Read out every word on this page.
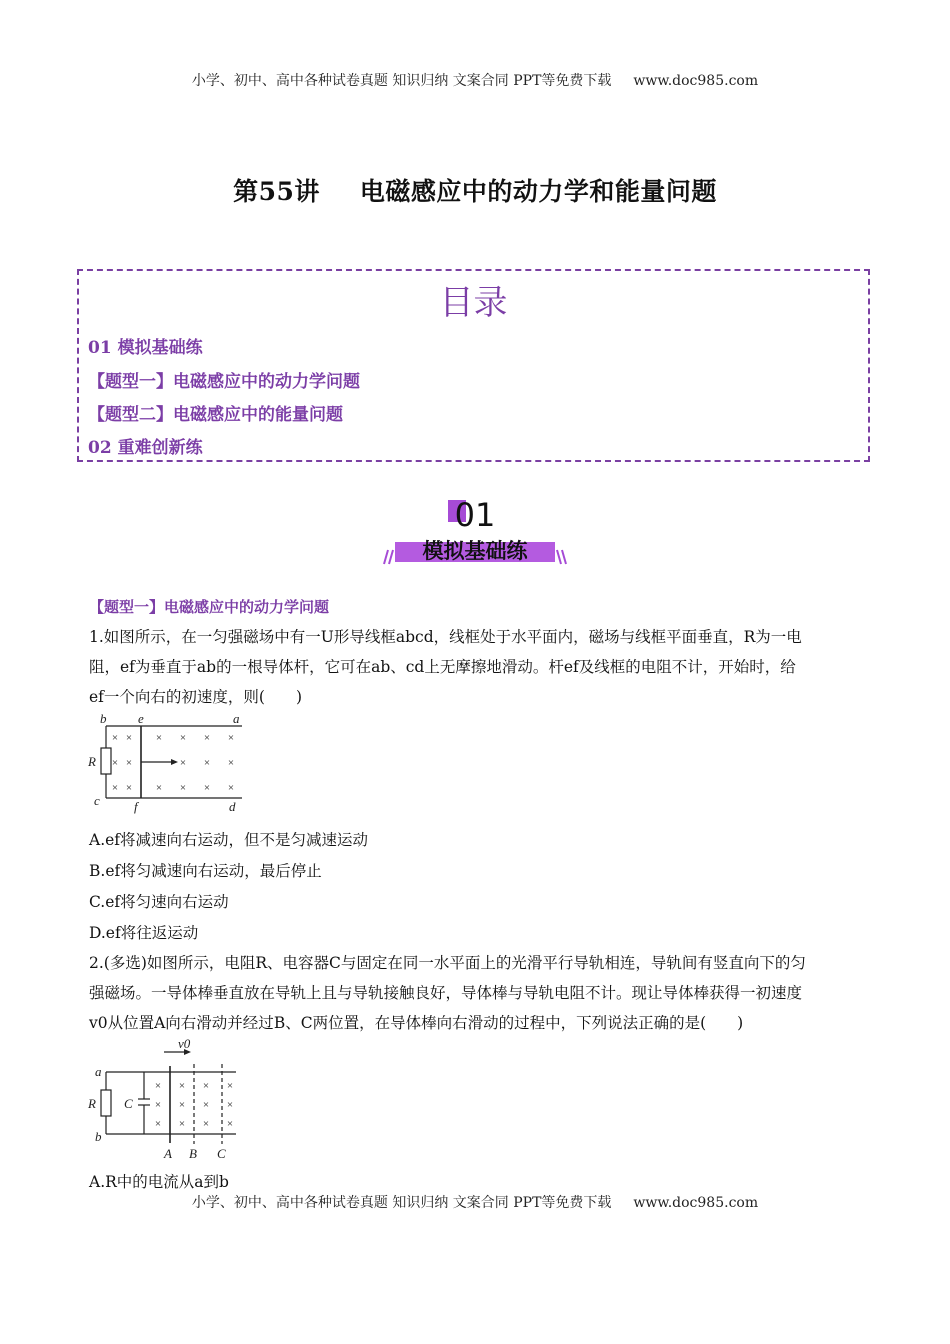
小学、初中、高中各种试卷真题 知识归纳 文案合同 PPT等免费下载 www.doc985.com
第55讲 电磁感应中的动力学和能量问题
目录
01 模拟基础练
【题型一】电磁感应中的动力学问题
【题型二】电磁感应中的能量问题
02 重难创新练
01
模拟基础练
【题型一】电磁感应中的动力学问题
1.如图所示，在一匀强磁场中有一U形导线框abcd，线框处于水平面内，磁场与线框平面垂直，R为一电
阻，ef为垂直于ab的一根导体杆，它可在ab、cd上无摩擦地滑动。杆ef及线框的电阻不计，开始时，给
ef一个向右的初速度，则(　　)
× × × × × ×
× ×	× × ×
× × × × × ×
b e	a
R
c	f	d
A.ef将减速向右运动，但不是匀减速运动
B.ef将匀减速向右运动，最后停止
C.ef将匀速向右运动
D.ef将往返运动
2.(多选)如图所示，电阻R、电容器C与固定在同一水平面上的光滑平行导轨相连，导轨间有竖直向下的匀
强磁场。一导体棒垂直放在导轨上且与导轨接触良好，导体棒与导轨电阻不计。现让导体棒获得一初速度
v0从位置A向右滑动并经过B、C两位置，在导体棒向右滑动的过程中，下列说法正确的是(　　)
× × × ×
× × × ×
× × × ×
v0
a
b
R C
A B C
A.R中的电流从a到b
小学、初中、高中各种试卷真题 知识归纳 文案合同 PPT等免费下载 www.doc985.com
